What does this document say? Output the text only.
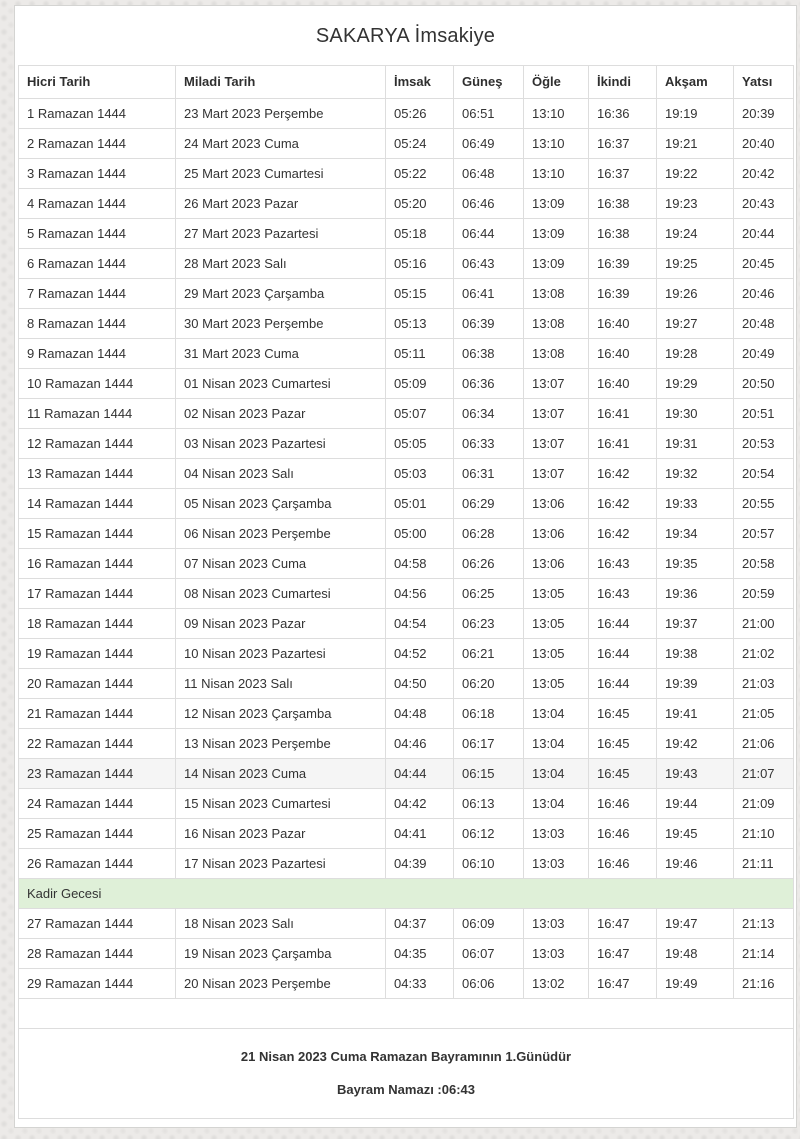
SAKARYA İmsakiye
Hicri Tarih	Miladi Tarih	İmsak	Güneş	Öğle	İkindi	Akşam	Yatsı
1 Ramazan 1444	23 Mart 2023 Perşembe	05:26	06:51	13:10	16:36	19:19	20:39
2 Ramazan 1444	24 Mart 2023 Cuma	05:24	06:49	13:10	16:37	19:21	20:40
3 Ramazan 1444	25 Mart 2023 Cumartesi	05:22	06:48	13:10	16:37	19:22	20:42
4 Ramazan 1444	26 Mart 2023 Pazar	05:20	06:46	13:09	16:38	19:23	20:43
5 Ramazan 1444	27 Mart 2023 Pazartesi	05:18	06:44	13:09	16:38	19:24	20:44
6 Ramazan 1444	28 Mart 2023 Salı	05:16	06:43	13:09	16:39	19:25	20:45
7 Ramazan 1444	29 Mart 2023 Çarşamba	05:15	06:41	13:08	16:39	19:26	20:46
8 Ramazan 1444	30 Mart 2023 Perşembe	05:13	06:39	13:08	16:40	19:27	20:48
9 Ramazan 1444	31 Mart 2023 Cuma	05:11	06:38	13:08	16:40	19:28	20:49
10 Ramazan 1444	01 Nisan 2023 Cumartesi	05:09	06:36	13:07	16:40	19:29	20:50
11 Ramazan 1444	02 Nisan 2023 Pazar	05:07	06:34	13:07	16:41	19:30	20:51
12 Ramazan 1444	03 Nisan 2023 Pazartesi	05:05	06:33	13:07	16:41	19:31	20:53
13 Ramazan 1444	04 Nisan 2023 Salı	05:03	06:31	13:07	16:42	19:32	20:54
14 Ramazan 1444	05 Nisan 2023 Çarşamba	05:01	06:29	13:06	16:42	19:33	20:55
15 Ramazan 1444	06 Nisan 2023 Perşembe	05:00	06:28	13:06	16:42	19:34	20:57
16 Ramazan 1444	07 Nisan 2023 Cuma	04:58	06:26	13:06	16:43	19:35	20:58
17 Ramazan 1444	08 Nisan 2023 Cumartesi	04:56	06:25	13:05	16:43	19:36	20:59
18 Ramazan 1444	09 Nisan 2023 Pazar	04:54	06:23	13:05	16:44	19:37	21:00
19 Ramazan 1444	10 Nisan 2023 Pazartesi	04:52	06:21	13:05	16:44	19:38	21:02
20 Ramazan 1444	11 Nisan 2023 Salı	04:50	06:20	13:05	16:44	19:39	21:03
21 Ramazan 1444	12 Nisan 2023 Çarşamba	04:48	06:18	13:04	16:45	19:41	21:05
22 Ramazan 1444	13 Nisan 2023 Perşembe	04:46	06:17	13:04	16:45	19:42	21:06
23 Ramazan 1444	14 Nisan 2023 Cuma	04:44	06:15	13:04	16:45	19:43	21:07
24 Ramazan 1444	15 Nisan 2023 Cumartesi	04:42	06:13	13:04	16:46	19:44	21:09
25 Ramazan 1444	16 Nisan 2023 Pazar	04:41	06:12	13:03	16:46	19:45	21:10
26 Ramazan 1444	17 Nisan 2023 Pazartesi	04:39	06:10	13:03	16:46	19:46	21:11
Kadir Gecesi							
27 Ramazan 1444	18 Nisan 2023 Salı	04:37	06:09	13:03	16:47	19:47	21:13
28 Ramazan 1444	19 Nisan 2023 Çarşamba	04:35	06:07	13:03	16:47	19:48	21:14
29 Ramazan 1444	20 Nisan 2023 Perşembe	04:33	06:06	13:02	16:47	19:49	21:16

21 Nisan 2023 Cuma Ramazan Bayramının 1.Günüdür

Bayram Namazı :06:43							
